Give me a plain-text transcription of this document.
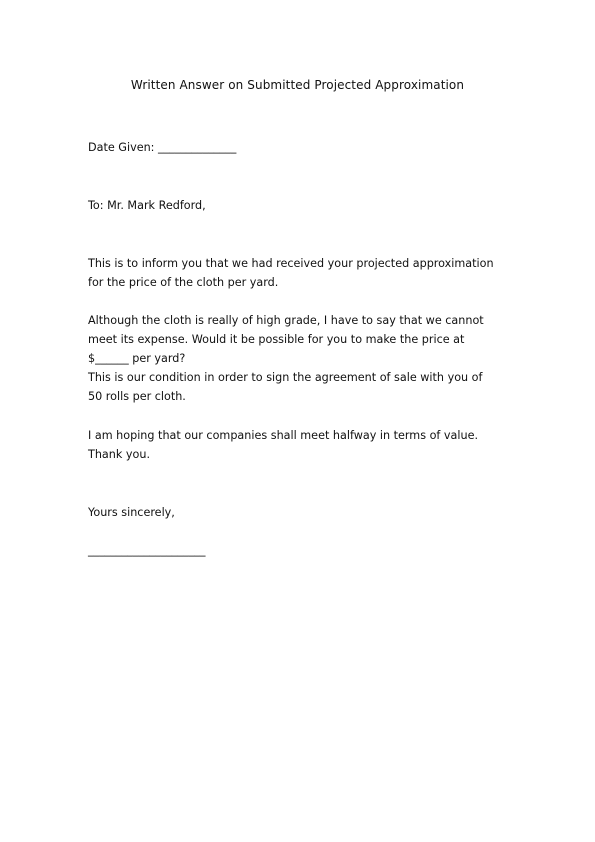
Written Answer on Submitted Projected Approximation
Date Given: ______________
To: Mr. Mark Redford,
This is to inform you that we had received your projected approximation
for the price of the cloth per yard.
Although the cloth is really of high grade, I have to say that we cannot
meet its expense. Would it be possible for you to make the price at
$______ per yard?
This is our condition in order to sign the agreement of sale with you of
50 rolls per cloth.
I am hoping that our companies shall meet halfway in terms of value.
Thank you.
Yours sincerely,
_____________________
